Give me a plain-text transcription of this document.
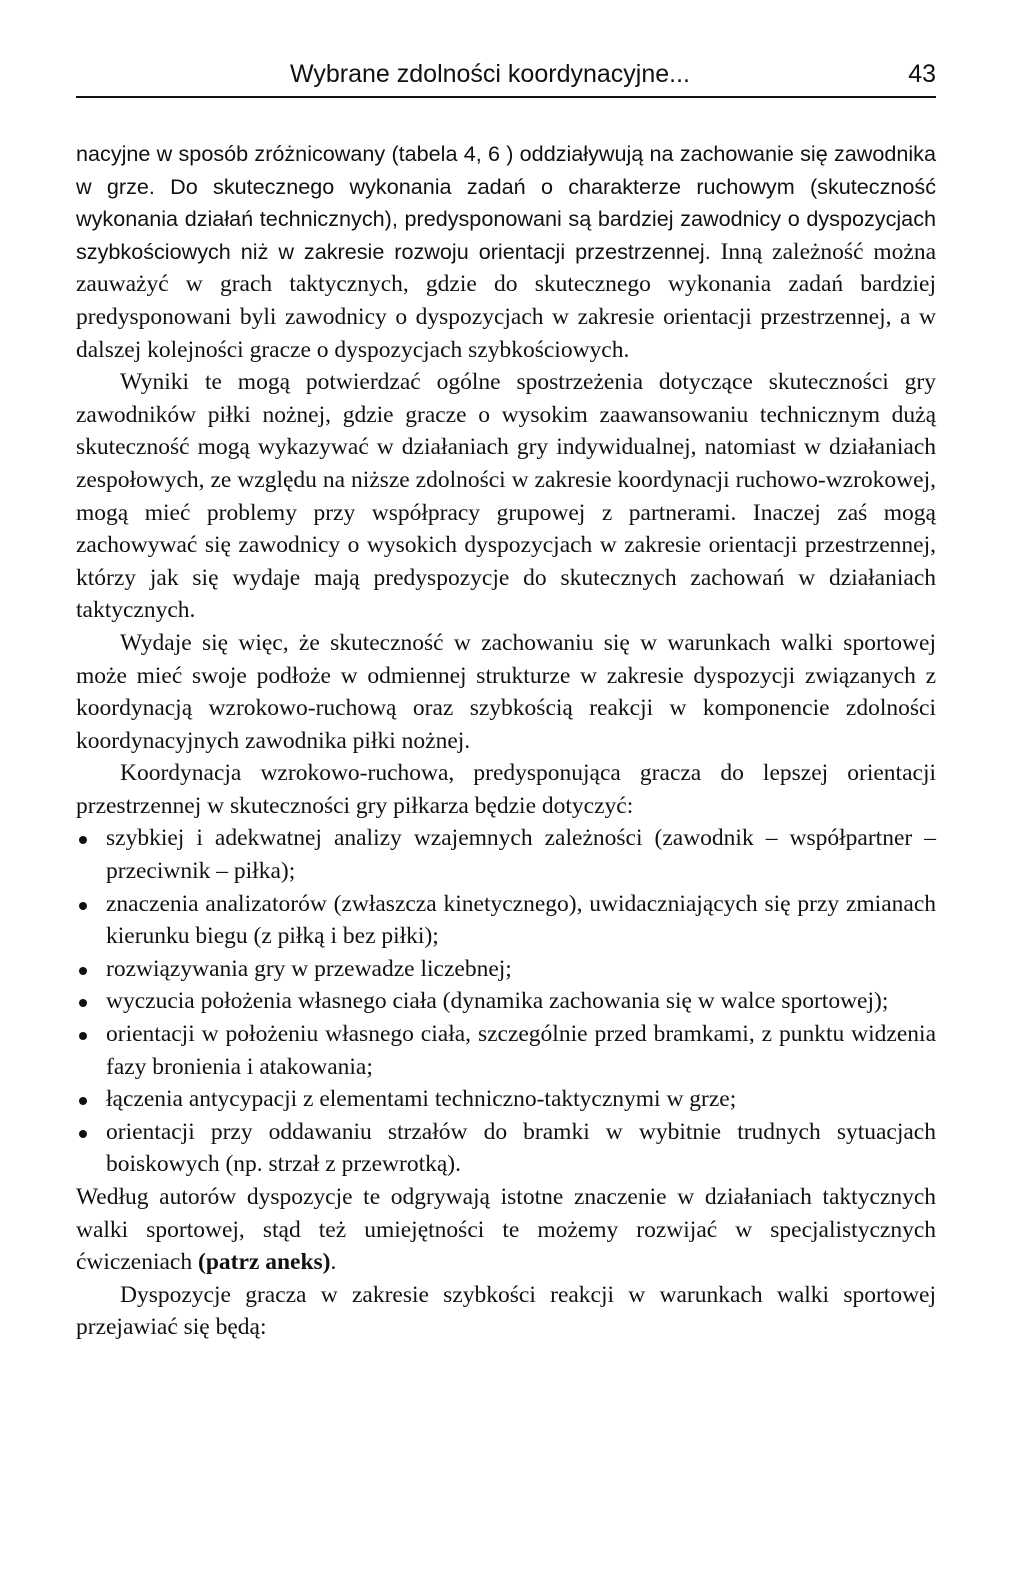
Wybrane zdolności koordynacyjne...	43

nacyjne w sposób zróżnicowany (tabela 4, 6 ) oddziaływują na zachowanie się zawodnika w grze. Do skutecznego wykonania zadań o charakterze ruchowym (skuteczność wykonania działań technicznych), predysponowani są bardziej zawodnicy o dyspozycjach szybkościowych niż w zakresie rozwoju orientacji przestrzennej. Inną zależność można zauważyć w grach taktycznych, gdzie do skutecznego wykonania zadań bardziej predysponowani byli zawodnicy o dyspozycjach w zakresie orientacji przestrzennej, a w dalszej kolejności gracze o dyspozycjach szybkościowych.

Wyniki te mogą potwierdzać ogólne spostrzeżenia dotyczące skuteczności gry zawodników piłki nożnej, gdzie gracze o wysokim zaawansowaniu technicznym dużą skuteczność mogą wykazywać w działaniach gry indywidualnej, natomiast w działaniach zespołowych, ze względu na niższe zdolności w zakresie koordynacji ruchowo-wzrokowej, mogą mieć problemy przy współpracy grupowej z partnerami. Inaczej zaś mogą zachowywać się zawodnicy o wysokich dyspozycjach w zakresie orientacji przestrzennej, którzy jak się wydaje mają predyspozycje do skutecznych zachowań w działaniach taktycznych.

Wydaje się więc, że skuteczność w zachowaniu się w warunkach walki sportowej może mieć swoje podłoże w odmiennej strukturze w zakresie dyspozycji związanych z koordynacją wzrokowo-ruchową oraz szybkością reakcji w komponencie zdolności koordynacyjnych zawodnika piłki nożnej.

Koordynacja wzrokowo-ruchowa, predysponująca gracza do lepszej orientacji przestrzennej w skuteczności gry piłkarza będzie dotyczyć:

szybkiej i adekwatnej analizy wzajemnych zależności (zawodnik – współpartner – przeciwnik – piłka);
znaczenia analizatorów (zwłaszcza kinetycznego), uwidaczniających się przy zmianach kierunku biegu (z piłką i bez piłki);
rozwiązywania gry w przewadze liczebnej;
wyczucia położenia własnego ciała (dynamika zachowania się w walce sportowej);
orientacji w położeniu własnego ciała, szczególnie przed bramkami, z punktu widzenia fazy bronienia i atakowania;
łączenia antycypacji z elementami techniczno-taktycznymi w grze;
orientacji przy oddawaniu strzałów do bramki w wybitnie trudnych sytuacjach boiskowych (np. strzał z przewrotką).

Według autorów dyspozycje te odgrywają istotne znaczenie w działaniach taktycznych walki sportowej, stąd też umiejętności te możemy rozwijać w specjalistycznych ćwiczeniach (patrz aneks).

Dyspozycje gracza w zakresie szybkości reakcji w warunkach walki sportowej przejawiać się będą:
